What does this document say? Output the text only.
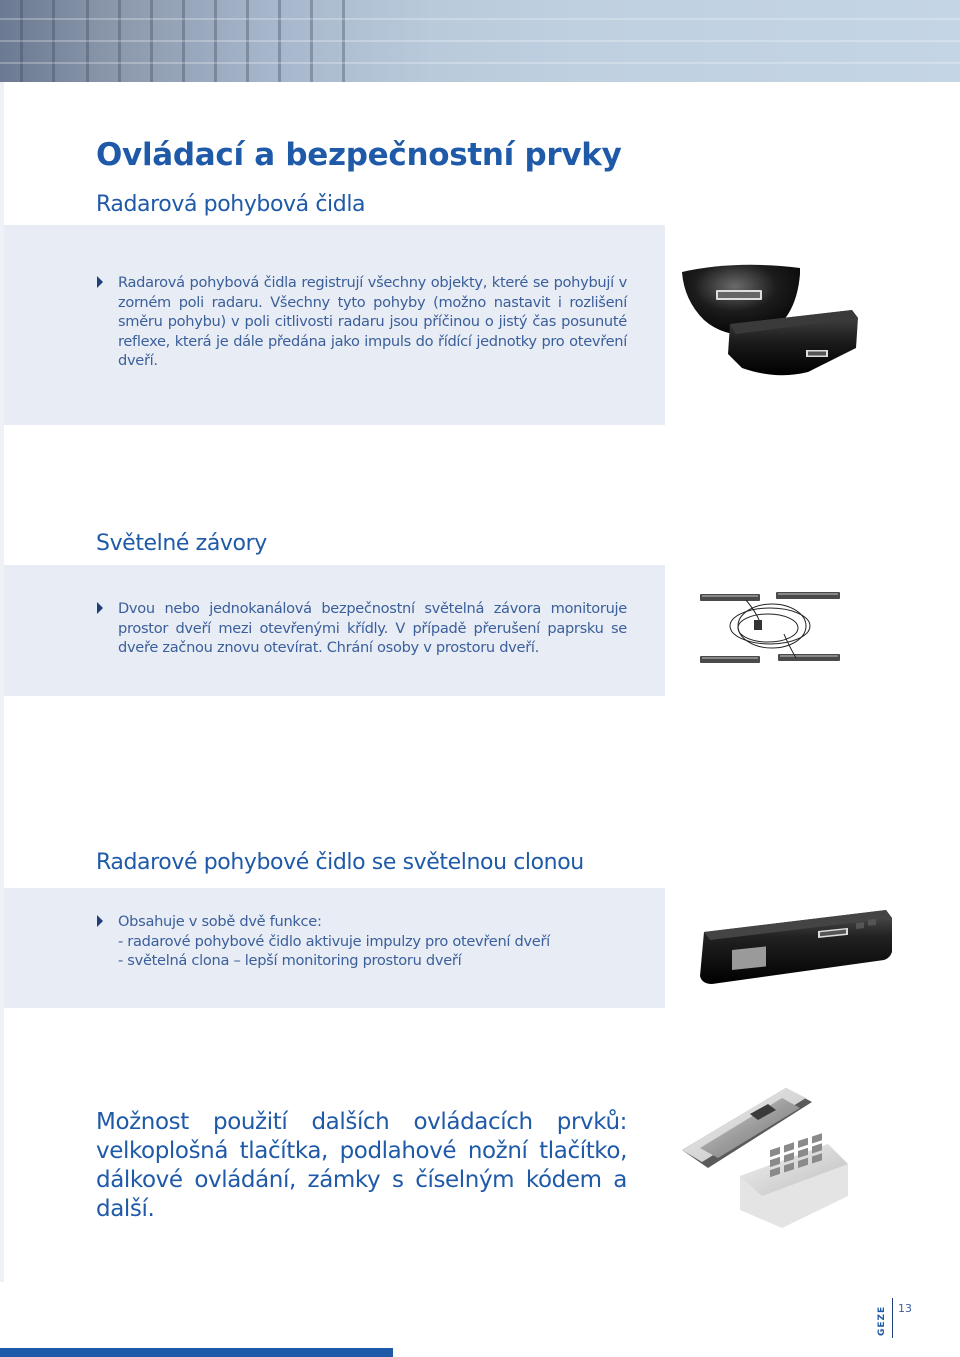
Ovládací a bezpečnostní prvky
Radarová pohybová čidla
Radarová pohybová čidla registrují všechny objekty, které se pohybují v zorném poli radaru. Všechny tyto pohyby (možno nastavit i rozlišení směru pohybu) v poli citlivosti radaru jsou příčinou o jistý čas posunuté reflexe, která je dále předána jako impuls do řídící jednotky pro otevření dveří.
Světelné závory
Dvou nebo jednokanálová bezpečnostní světelná závora monitoruje prostor dveří mezi otevřenými křídly. V případě přerušení paprsku se dveře začnou znovu otevírat. Chrání osoby v prostoru dveří.
Radarové pohybové čidlo se světelnou clonou
Obsahuje v sobě dvě funkce:
- radarové pohybové čidlo aktivuje impulzy pro otevření dveří
- světelná clona – lepší monitoring prostoru dveří
Možnost použití dalších ovládacích prvků:
velkoplošná tlačítka, podlahové nožní tlačítko,
dálkové ovládání, zámky s číselným kódem a další.
GEZE 13
